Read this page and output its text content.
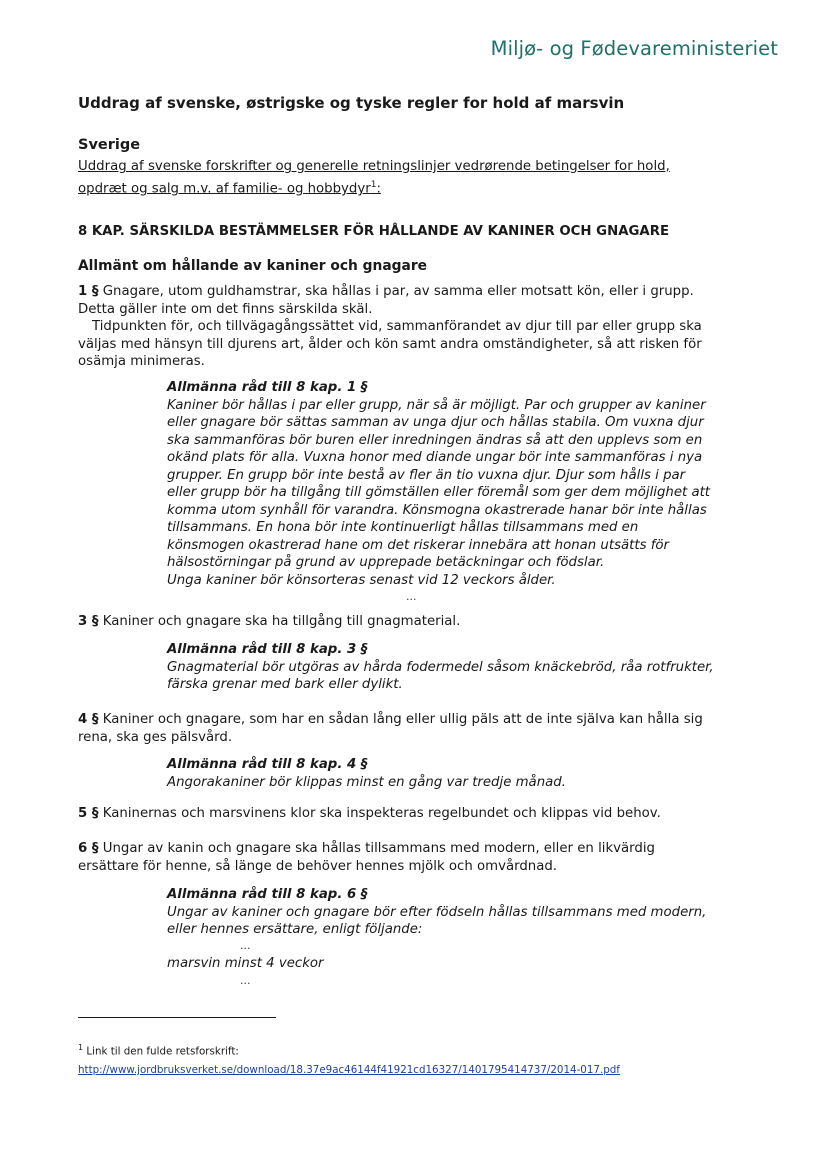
Miljø- og Fødevareministeriet
Uddrag af svenske, østrigske og tyske regler for hold af marsvin
Sverige
Uddrag af svenske forskrifter og generelle retningslinjer vedrørende betingelser for hold,
opdræt og salg m.v. af familie- og hobbydyr$^1$:
8 KAP. SÄRSKILDA BESTÄMMELSER FÖR HÅLLANDE AV KANINER OCH GNAGARE
Allmänt om hållande av kaniner och gnagare
1 § Gnagare, utom guldhamstrar, ska hållas i par, av samma eller motsatt kön, eller i grupp.
Detta gäller inte om det finns särskilda skäl.
Tidpunkten för, och tillvägagångssättet vid, sammanförandet av djur till par eller grupp ska
väljas med hänsyn till djurens art, ålder och kön samt andra omständigheter, så att risken för
osämja minimeras.
Allmänna råd till 8 kap. 1 §
Kaniner bör hållas i par eller grupp, när så är möjligt. Par och grupper av kaniner
eller gnagare bör sättas samman av unga djur och hållas stabila. Om vuxna djur
ska sammanföras bör buren eller inredningen ändras så att den upplevs som en
okänd plats för alla. Vuxna honor med diande ungar bör inte sammanföras i nya
grupper. En grupp bör inte bestå av fler än tio vuxna djur. Djur som hålls i par
eller grupp bör ha tillgång till gömställen eller föremål som ger dem möjlighet att
komma utom synhåll för varandra. Könsmogna okastrerade hanar bör inte hållas
tillsammans. En hona bör inte kontinuerligt hållas tillsammans med en
könsmogen okastrerad hane om det riskerar innebära att honan utsätts för
hälsostörningar på grund av upprepade betäckningar och födslar.
Unga kaniner bör könsorteras senast vid 12 veckors ålder.
...
3 § Kaniner och gnagare ska ha tillgång till gnagmaterial.
Allmänna råd till 8 kap. 3 §
Gnagmaterial bör utgöras av hårda fodermedel såsom knäckebröd, råa rotfrukter,
färska grenar med bark eller dylikt.
4 § Kaniner och gnagare, som har en sådan lång eller ullig päls att de inte själva kan hålla sig
rena, ska ges pälsvård.
Allmänna råd till 8 kap. 4 §
Angorakaniner bör klippas minst en gång var tredje månad.
5 § Kaninernas och marsvinens klor ska inspekteras regelbundet och klippas vid behov.
6 § Ungar av kanin och gnagare ska hållas tillsammans med modern, eller en likvärdig
ersättare för henne, så länge de behöver hennes mjölk och omvårdnad.
Allmänna råd till 8 kap. 6 §
Ungar av kaniner och gnagare bör efter födseln hållas tillsammans med modern,
eller hennes ersättare, enligt följande:
...
marsvin minst 4 veckor
...
$^1$ Link til den fulde retsforskrift:
http://www.jordbruksverket.se/download/18.37e9ac46144f41921cd16327/1401795414737/2014-017.pdf
